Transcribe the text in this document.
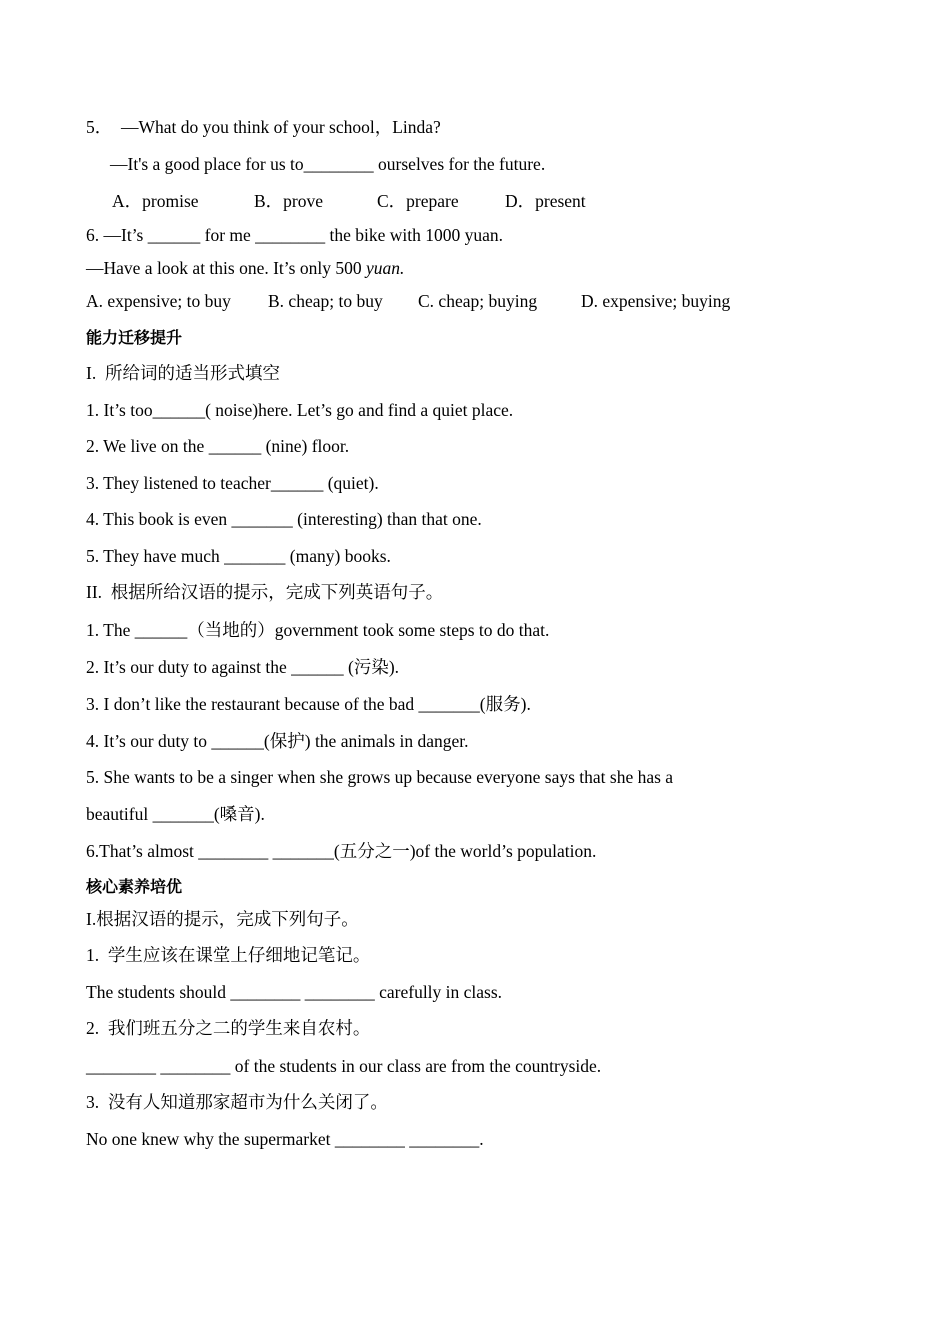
5．  —What do you think of your school，Linda?
—It's a good place for us to________ ourselves for the future.
A．promise	B．prove	C．prepare	D．present
6. —It’s ______ for me ________ the bike with 1000 yuan.
—Have a look at this one. It’s only 500 yuan.
A. expensive; to buy	B. cheap; to buy	C. cheap; buying	D. expensive; buying
能力迁移提升
I.  所给词的适当形式填空
1. It’s too______( noise)here. Let’s go and find a quiet place.
2. We live on the ______ (nine) floor.
3. They listened to teacher______ (quiet).
4. This book is even _______ (interesting) than that one.
5. They have much _______ (many) books.
II.  根据所给汉语的提示，完成下列英语句子。
1. The ______（当地的）government took some steps to do that.
2. It’s our duty to against the ______ (污染).
3. I don’t like the restaurant because of the bad _______(服务).
4. It’s our duty to ______(保护) the animals in danger.
5. She wants to be a singer when she grows up because everyone says that she has a
beautiful _______(嗓音).
6.That’s almost ________ _______(五分之一)of the world’s population.
核心素养培优
I.根据汉语的提示，完成下列句子。
1.  学生应该在课堂上仔细地记笔记。
The students should ________ ________ carefully in class.
2.  我们班五分之二的学生来自农村。
________ ________ of the students in our class are from the countryside.
3.  没有人知道那家超市为什么关闭了。
No one knew why the supermarket ________ ________.
